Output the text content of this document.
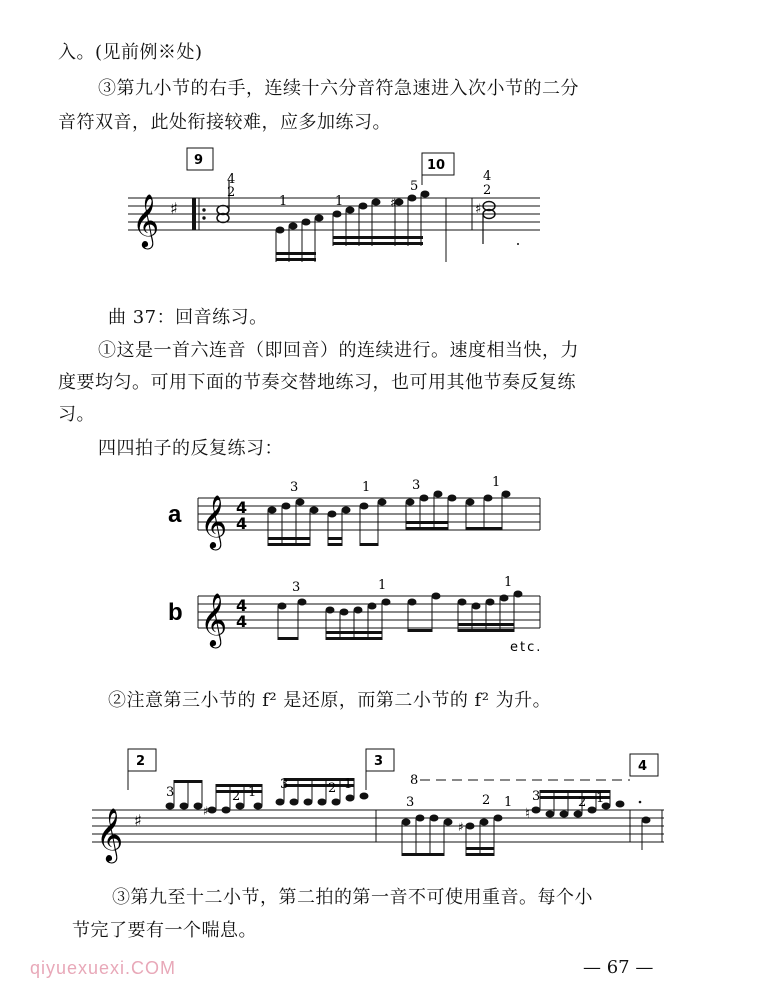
入。(见前例※处)
③第九小节的右手，连续十六分音符急速进入次小节的二分
音符双音，此处衔接较难，应多加练习。
𝄞 ♯
9
4
2
♯
1	1
5
10
♯
4
2
曲 37：回音练习。
①这是一首六连音（即回音）的连续进行。速度相当快，力
度要均匀。可用下面的节奏交替地练习，也可用其他节奏反复练
习。
四四拍子的反复练习：
a 𝄞 4
4
3	1	3	1
b 𝄞 4
4
3	1	1
etc.
②注意第三小节的 f² 是还原，而第二小节的 f² 为升。
𝄞 ♯
2	3	4
8
♯
3	2 1
3	2 1
♯
♮
3	2 1 3	2 1
③第九至十二小节，第二拍的第一音不可使用重音。每个小
节完了要有一个喘息。
qiyuexuexi.COM	— 67 —
